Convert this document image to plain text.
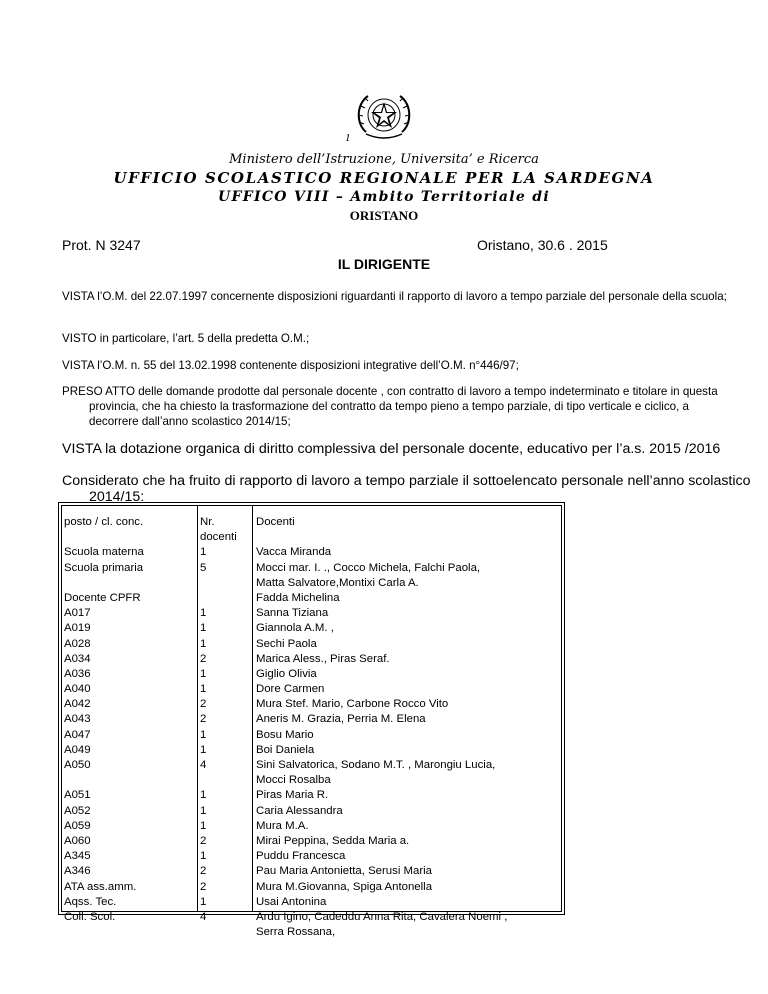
1
Ministero dell’Istruzione, Universita’ e Ricerca
UFFICIO SCOLASTICO REGIONALE PER LA SARDEGNA
UFFICO VIII – Ambito Territoriale di
ORISTANO
Prot. N 3247	Oristano, 30.6 . 2015
IL DIRIGENTE

VISTA l’O.M. del 22.07.1997 concernente disposizioni riguardanti il rapporto di lavoro a tempo parziale del personale della scuola;

VISTO in particolare, l’art. 5 della predetta O.M.;

VISTA l’O.M. n. 55 del 13.02.1998 contenente disposizioni integrative dell’O.M. n°446/97;

PRESO ATTO delle domande prodotte dal personale docente , con contratto di lavoro a tempo indeterminato e titolare in questa provincia, che ha chiesto la trasformazione del contratto da tempo pieno a tempo parziale, di tipo verticale e ciclico, a decorrere dall’anno scolastico 2014/15;

VISTA la dotazione organica di diritto complessiva del personale docente, educativo per l’a.s. 2015 /2016

Considerato che ha fruito di rapporto di lavoro a tempo parziale il sottoelencato personale nell’anno scolastico 2014/15:

posto / cl. conc.	Nr.
docenti
Docenti
Scuola materna
Scuola primaria
Docente CPFR
A017
A019
A028
A034
A036
A040
A042
A043
A047
A049
A050
A051
A052
A059
A060
A345
A346
ATA ass.amm.
Aqss. Tec.
Coll. Scol.
1
5
1
1
1
2
1
1
2
2
1
1
4
1
1
1
2
1
2
2
1
4
Vacca Miranda
Mocci mar. I. ., Cocco Michela, Falchi Paola,
Matta Salvatore,Montixi Carla A.
Fadda Michelina
Sanna Tiziana
Giannola A.M. ,
Sechi Paola
Marica Aless., Piras Seraf.
Giglio Olivia
Dore Carmen
Mura Stef. Mario, Carbone Rocco Vito
Aneris M. Grazia, Perria M. Elena
Bosu Mario
Boi Daniela
Sini Salvatorica, Sodano M.T. , Marongiu Lucia,
Mocci Rosalba
Piras Maria R.
Caria Alessandra
Mura M.A.
Mirai Peppina, Sedda Maria a.
Puddu Francesca
Pau Maria Antonietta, Serusi Maria
Mura M.Giovanna, Spiga Antonella
Usai Antonina
Ardu Igino, Cadeddu Anna Rita, Cavalera Noemi ,
Serra Rossana,
